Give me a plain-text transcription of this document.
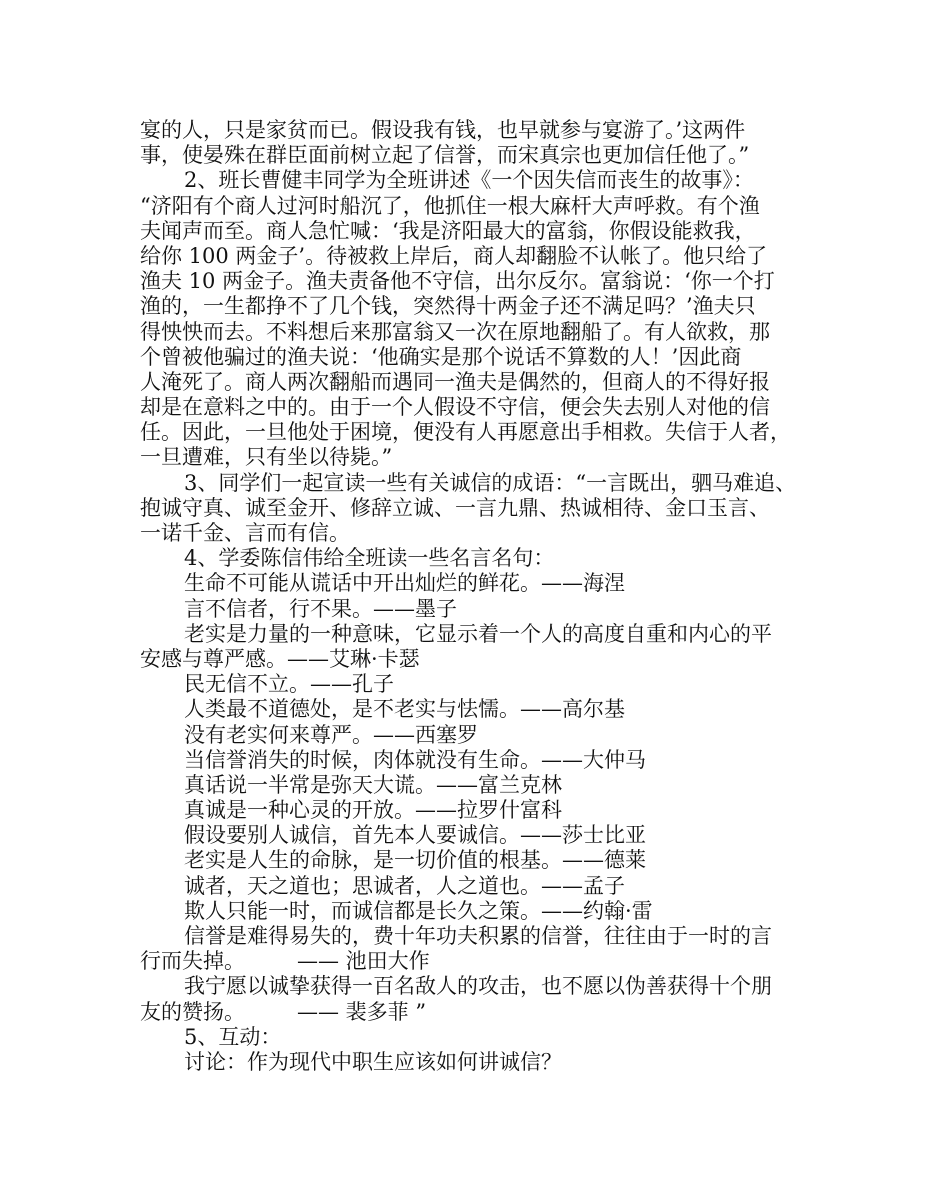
宴的人，只是家贫而已。假设我有钱，也早就参与宴游了。’这两件
事，使晏殊在群臣面前树立起了信誉，而宋真宗也更加信任他了。”
2、班长曹健丰同学为全班讲述《一个因失信而丧生的故事》：
“济阳有个商人过河时船沉了，他抓住一根大麻杆大声呼救。有个渔
夫闻声而至。商人急忙喊：‘我是济阳最大的富翁，你假设能救我，
给你 100 两金子’。待被救上岸后，商人却翻脸不认帐了。他只给了
渔夫 10 两金子。渔夫责备他不守信，出尔反尔。富翁说：‘你一个打
渔的，一生都挣不了几个钱，突然得十两金子还不满足吗？’渔夫只
得怏怏而去。不料想后来那富翁又一次在原地翻船了。有人欲救，那
个曾被他骗过的渔夫说：‘他确实是那个说话不算数的人！’因此商
人淹死了。商人两次翻船而遇同一渔夫是偶然的，但商人的不得好报
却是在意料之中的。由于一个人假设不守信，便会失去别人对他的信
任。因此，一旦他处于困境，便没有人再愿意出手相救。失信于人者，
一旦遭难，只有坐以待毙。”
3、同学们一起宣读一些有关诚信的成语：“一言既出，驷马难追、
抱诚守真、诚至金开、修辞立诚、一言九鼎、热诚相待、金口玉言、
一诺千金、言而有信。
4、学委陈信伟给全班读一些名言名句：
生命不可能从谎话中开出灿烂的鲜花。——海涅
言不信者，行不果。——墨子
老实是力量的一种意味，它显示着一个人的高度自重和内心的平
安感与尊严感。——艾琳·卡瑟
民无信不立。——孔子
人类最不道德处，是不老实与怯懦。——高尔基
没有老实何来尊严。——西塞罗
当信誉消失的时候，肉体就没有生命。——大仲马
真话说一半常是弥天大谎。——富兰克林
真诚是一种心灵的开放。——拉罗什富科
假设要别人诚信，首先本人要诚信。——莎士比亚
老实是人生的命脉，是一切价值的根基。——德莱
诚者，天之道也；思诚者，人之道也。——孟子
欺人只能一时，而诚信都是长久之策。——约翰·雷
信誉是难得易失的，费十年功夫积累的信誉，往往由于一时的言
行而失掉。 —— 池田大作
我宁愿以诚挚获得一百名敌人的攻击，也不愿以伪善获得十个朋
友的赞扬。 —— 裴多菲 ”
5、互动：
讨论：作为现代中职生应该如何讲诚信？
